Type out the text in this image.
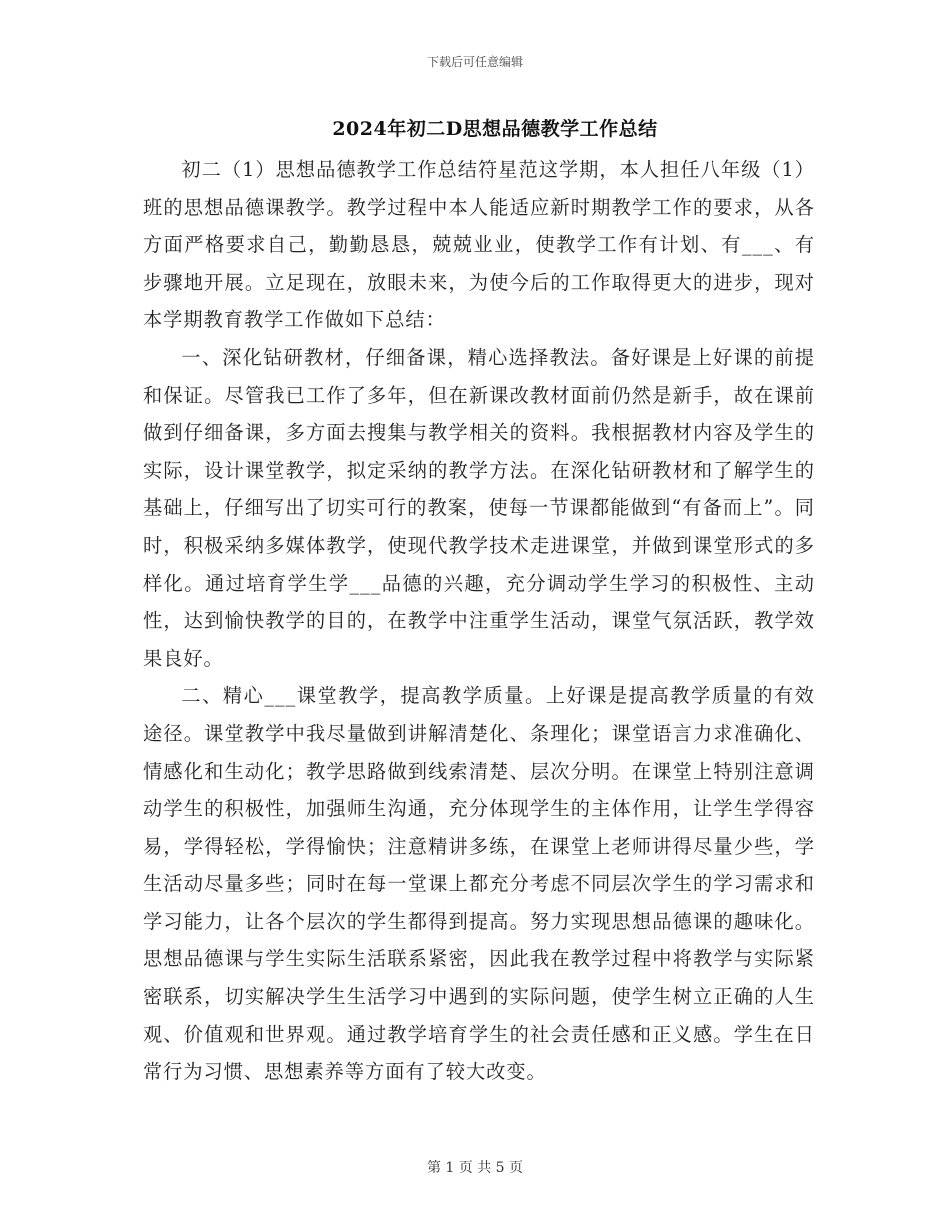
下载后可任意编辑
2024年初二D思想品德教学工作总结

初二（1）思想品德教学工作总结符星范这学期，本人担任八年级（1）班的思想品德课教学。教学过程中本人能适应新时期教学工作的要求，从各方面严格要求自己，勤勤恳恳，兢兢业业，使教学工作有计划、有___、有步骤地开展。立足现在，放眼未来，为使今后的工作取得更大的进步，现对本学期教育教学工作做如下总结：

一、深化钻研教材，仔细备课，精心选择教法。备好课是上好课的前提和保证。尽管我已工作了多年，但在新课改教材面前仍然是新手，故在课前做到仔细备课，多方面去搜集与教学相关的资料。我根据教材内容及学生的实际，设计课堂教学，拟定采纳的教学方法。在深化钻研教材和了解学生的基础上，仔细写出了切实可行的教案，使每一节课都能做到“有备而上”。同时，积极采纳多媒体教学，使现代教学技术走进课堂，并做到课堂形式的多样化。通过培育学生学___品德的兴趣，充分调动学生学习的积极性、主动性，达到愉快教学的目的，在教学中注重学生活动，课堂气氛活跃，教学效果良好。

二、精心___课堂教学，提高教学质量。上好课是提高教学质量的有效途径。课堂教学中我尽量做到讲解清楚化、条理化；课堂语言力求准确化、情感化和生动化；教学思路做到线索清楚、层次分明。在课堂上特别注意调动学生的积极性，加强师生沟通，充分体现学生的主体作用，让学生学得容易，学得轻松，学得愉快；注意精讲多练，在课堂上老师讲得尽量少些，学生活动尽量多些；同时在每一堂课上都充分考虑不同层次学生的学习需求和学习能力，让各个层次的学生都得到提高。努力实现思想品德课的趣味化。思想品德课与学生实际生活联系紧密，因此我在教学过程中将教学与实际紧密联系，切实解决学生生活学习中遇到的实际问题，使学生树立正确的人生观、价值观和世界观。通过教学培育学生的社会责任感和正义感。学生在日常行为习惯、思想素养等方面有了较大改变。

第 1 页 共 5 页
